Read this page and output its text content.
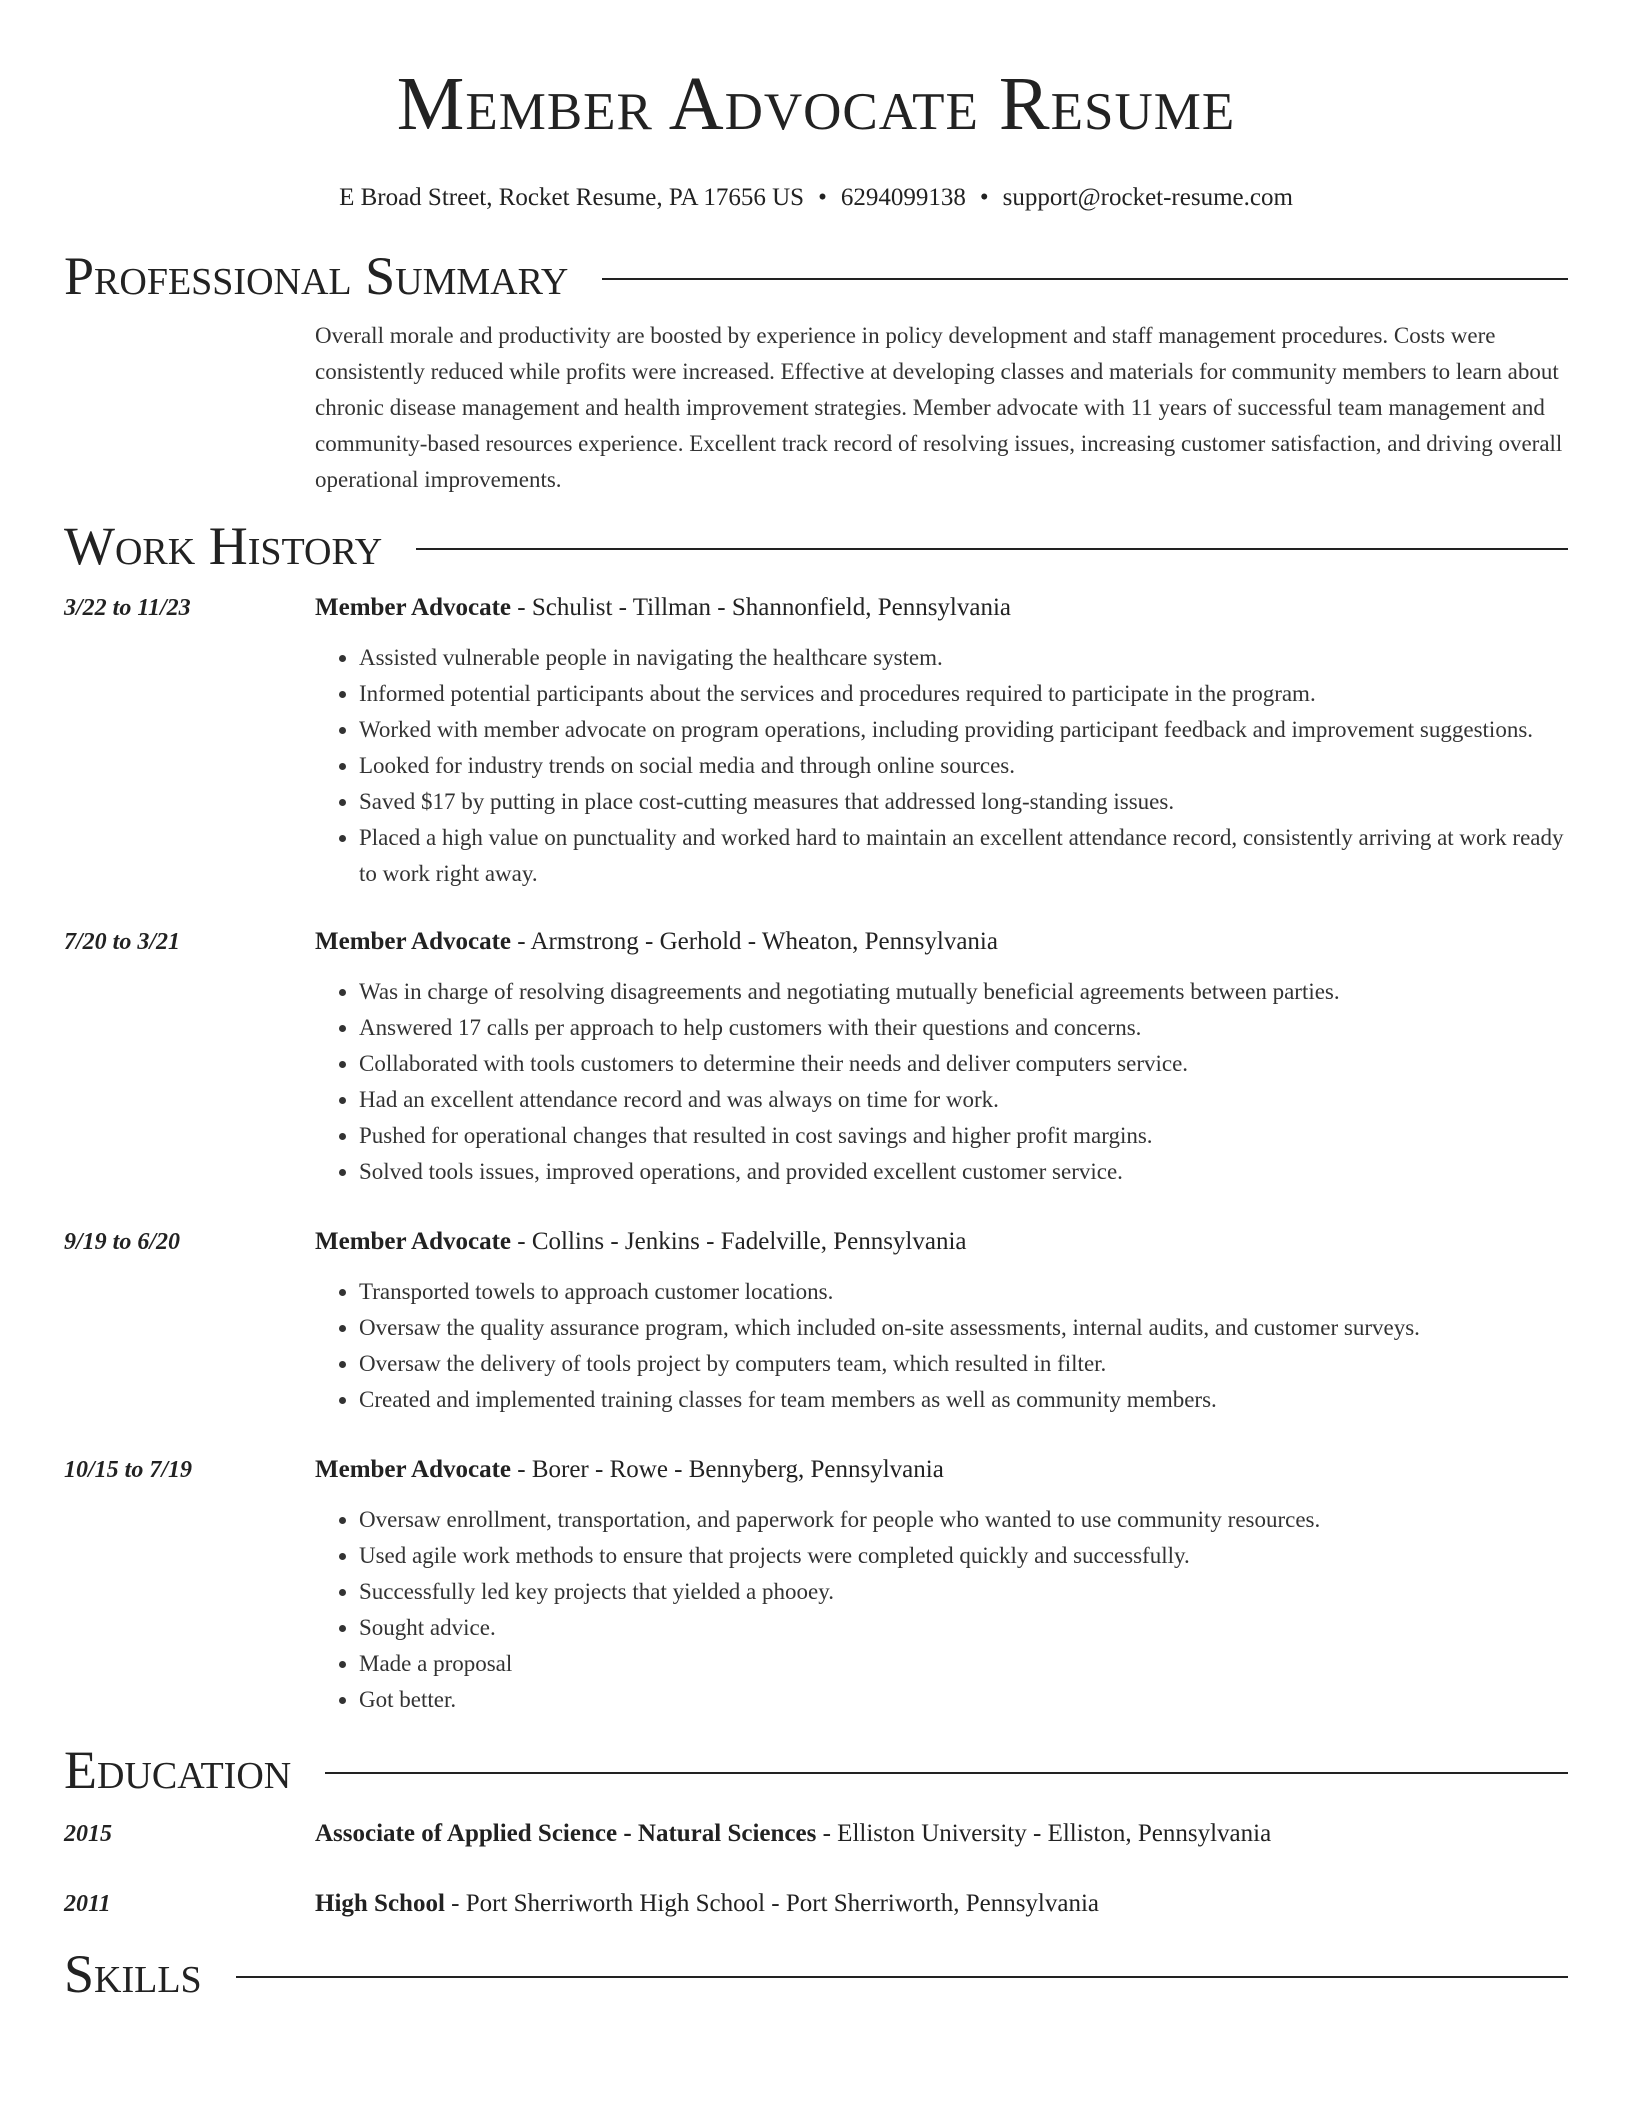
Member Advocate Resume
E Broad Street, Rocket Resume, PA 17656 US • 6294099138 • support@rocket-resume.com
Professional Summary
Overall morale and productivity are boosted by experience in policy development and staff management procedures. Costs were consistently reduced while profits were increased. Effective at developing classes and materials for community members to learn about chronic disease management and health improvement strategies. Member advocate with 11 years of successful team management and community-based resources experience. Excellent track record of resolving issues, increasing customer satisfaction, and driving overall operational improvements.
Work History
3/22 to 11/23	Member Advocate - Schulist - Tillman - Shannonfield, Pennsylvania
• Assisted vulnerable people in navigating the healthcare system.
• Informed potential participants about the services and procedures required to participate in the program.
• Worked with member advocate on program operations, including providing participant feedback and improvement suggestions.
• Looked for industry trends on social media and through online sources.
• Saved $17 by putting in place cost-cutting measures that addressed long-standing issues.
• Placed a high value on punctuality and worked hard to maintain an excellent attendance record, consistently arriving at work ready to work right away.
7/20 to 3/21	Member Advocate - Armstrong - Gerhold - Wheaton, Pennsylvania
• Was in charge of resolving disagreements and negotiating mutually beneficial agreements between parties.
• Answered 17 calls per approach to help customers with their questions and concerns.
• Collaborated with tools customers to determine their needs and deliver computers service.
• Had an excellent attendance record and was always on time for work.
• Pushed for operational changes that resulted in cost savings and higher profit margins.
• Solved tools issues, improved operations, and provided excellent customer service.
9/19 to 6/20	Member Advocate - Collins - Jenkins - Fadelville, Pennsylvania
• Transported towels to approach customer locations.
• Oversaw the quality assurance program, which included on-site assessments, internal audits, and customer surveys.
• Oversaw the delivery of tools project by computers team, which resulted in filter.
• Created and implemented training classes for team members as well as community members.
10/15 to 7/19	Member Advocate - Borer - Rowe - Bennyberg, Pennsylvania
• Oversaw enrollment, transportation, and paperwork for people who wanted to use community resources.
• Used agile work methods to ensure that projects were completed quickly and successfully.
• Successfully led key projects that yielded a phooey.
• Sought advice.
• Made a proposal
• Got better.
Education
2015	Associate of Applied Science - Natural Sciences - Elliston University - Elliston, Pennsylvania
2011	High School - Port Sherriworth High School - Port Sherriworth, Pennsylvania
Skills
